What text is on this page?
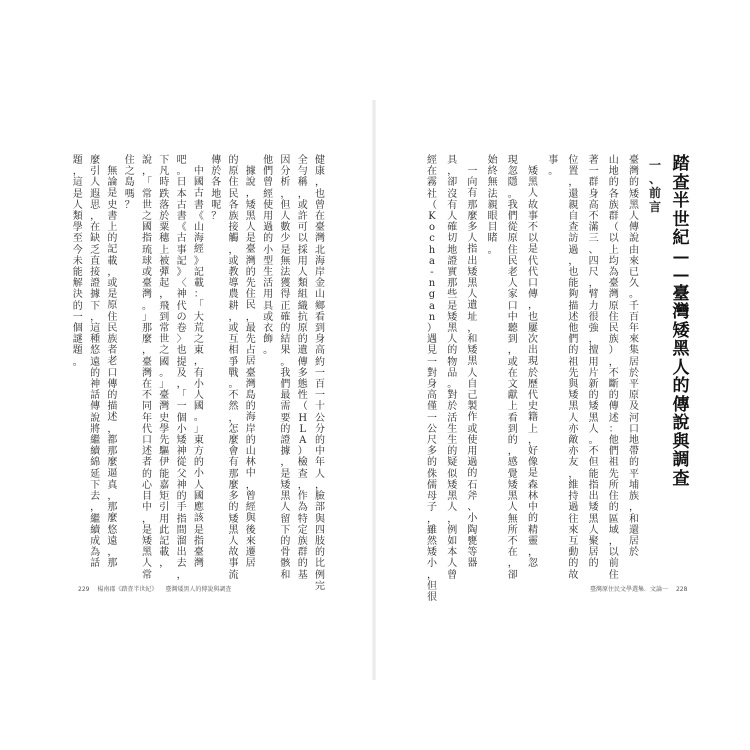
踏
查
半
世
紀
—
—
臺
灣
矮
黑
人
的
傳
說
與
調
查
一
、
前
言
臺
灣
的
矮
黑
人
傳
說
由
來
已
久
。
千
百
年
來
集
居
於
平
原
及
河
口
地
帶
的
平
埔
族
，
和
還
居
於
山
地
的
各
族
群
（
以
上
均
為
臺
灣
原
住
民
族
）
，
不
斷
的
傳
述
：
他
們
祖
先
所
住
的
區
域
，
以
前
住
著
一
群
身
高
不
滿
三
、
四
尺
，
臂
力
很
強
，
擅
用
片
新
的
矮
黑
人
。
不
但
能
指
出
矮
黑
人
聚
居
的
位
置
，
還
親
自
查
訪
過
，
也
能
夠
描
述
他
們
的
祖
先
與
矮
黑
人
亦
敵
亦
友
，
維
持
過
往
來
互
動
的
故
事
。
矮
黑
人
故
事
不
以
是
代
代
口
傳
，
也
屢
次
出
現
於
歷
代
史
籍
上
，
好
像
是
森
林
中
的
精
靈
，
忽
現
忽
隱
。
我
們
從
原
住
民
老
人
家
口
中
聽
到
，
或
在
文
獻
上
看
到
的
，
感
覺
矮
黑
人
無
所
不
在
，
卻
始
終
無
法
親
眼
目
睹
。
一
向
有
那
麼
多
人
指
出
矮
黑
人
遺
址
，
和
矮
黑
人
自
己
製
作
或
使
用
過
的
石
斧
、
小
陶
甕
等
器
具
，
卻
沒
有
人
確
切
地
證
實
那
些
是
矮
黑
人
的
物
品
。
對
於
活
生
生
的
疑
似
矮
黑
人
，
例
如
本
人
曾
經
在
霧
社
（
K
o
c
h
a
-
n
g
a
n
）
遇
見
一
對
身
高
僅
一
公
尺
多
的
侏
儒
母
子
，
雖
然
矮
小
，
但
很
健
康
，
也
曾
在
臺
灣
北
海
岸
金
山
鄉
看
到
身
高
約
一
百
一
十
公
分
的
中
年
人
，
臉
部
與
四
肢
的
比
例
完
全
勻
稱
，
或
許
可
以
採
用
人
類
組
織
抗
原
的
遺
傳
多
態
性
（
H
L
A
）
檢
查
，
作
為
特
定
族
群
的
基
因
分
析
，
但
人
數
少
是
無
法
獲
得
正
確
的
結
果
。
我
們
最
需
要
的
證
據
，
是
矮
黑
人
留
下
的
骨
骸
和
他
們
曾
經
使
用
過
的
小
型
生
活
用
具
或
衣
飾
。
據
說
，
矮
黑
人
是
臺
灣
的
先
住
民
，
最
先
占
居
臺
灣
島
的
海
岸
的
山
林
中
，
曾
經
與
後
來
遷
居
的
原
住
民
各
族
接
觸
，
或
教
導
農
耕
，
或
互
相
爭
戰
。
不
然
，
怎
麼
會
有
那
麼
多
的
矮
黑
人
故
事
流
傳
於
各
地
呢
？
中
國
古
書
《
山
海
經
》
記
載
：
「
大
荒
之
東
，
有
小
人
國
。
」
東
方
的
小
人
國
應
該
是
指
臺
灣
吧
。
日
本
古
書
《
古
事
記
》
〈
神
代
の
卷
〉
也
提
及
，
「
一
個
小
矮
神
從
父
神
的
手
指
間
溜
出
去
，
下
凡
時
跌
落
於
粟
穗
上
被
彈
起
，
飛
到
常
世
之
國
。
」
臺
灣
史
學
先
驅
伊
能
嘉
矩
引
用
此
記
載
，
說
，
「
常
世
之
國
指
琉
球
或
臺
灣
。
」
那
麼
，
臺
灣
在
不
同
年
代
口
述
者
的
心
目
中
，
是
矮
黑
人
常
住
之
島
嗎
？
無
論
是
史
書
上
的
記
載
，
或
是
原
住
民
族
者
老
口
傳
的
描
述
，
都
那
麼
逼
真
，
那
麼
悠
遠
，
那
麼
引
人
遐
思
，
在
缺
乏
直
接
證
據
下
，
這
種
悠
遠
的
神
話
傳
說
將
繼
續
綿
延
下
去
，
繼
續
成
為
話
題
，
這
是
人
類
學
至
今
未
能
解
決
的
一
個
謎
題
。
臺灣原住民文學選集．文論一 228
229 楊南郡《踏査半世紀》 臺灣矮黑人的傳說與調查
